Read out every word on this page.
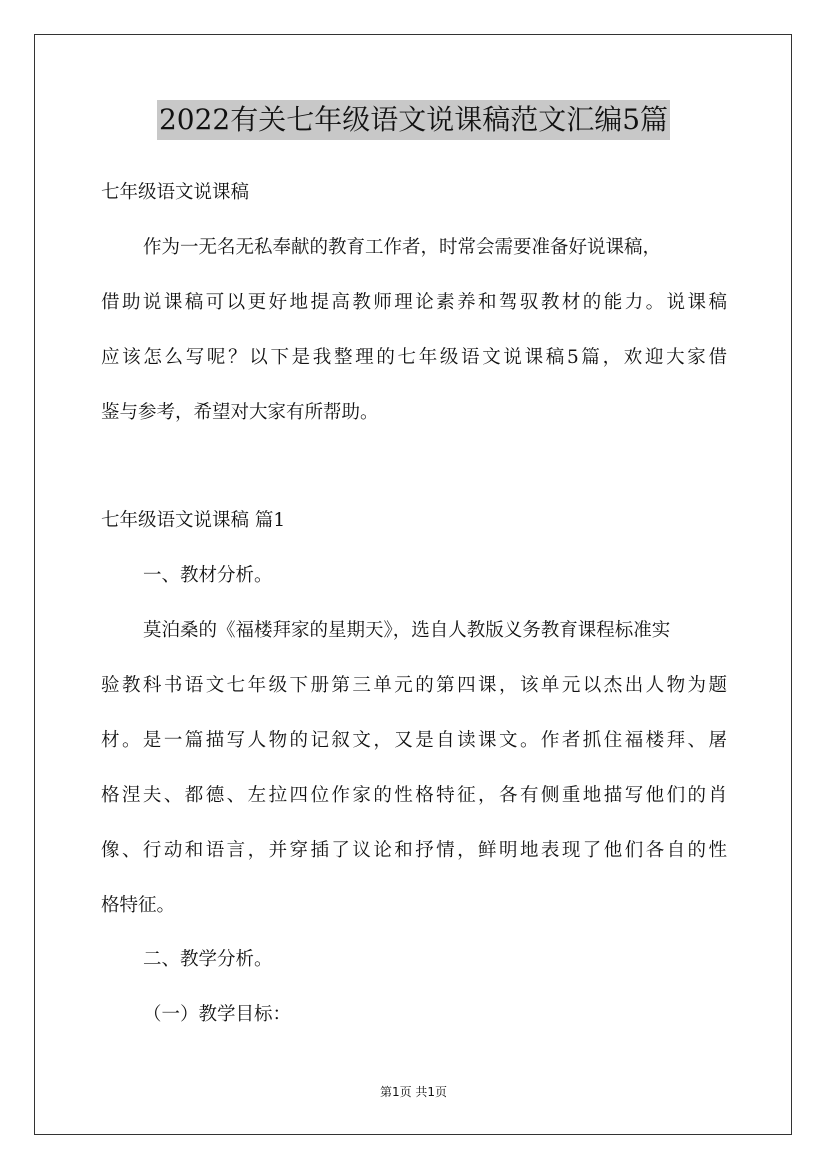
2022有关七年级语文说课稿范文汇编5篇
七年级语文说课稿
作为一无名无私奉献的教育工作者，时常会需要准备好说课稿，
借助说课稿可以更好地提高教师理论素养和驾驭教材的能力。说课稿
应该怎么写呢？以下是我整理的七年级语文说课稿5篇，欢迎大家借
鉴与参考，希望对大家有所帮助。
七年级语文说课稿 篇1
一、教材分析。
莫泊桑的《福楼拜家的星期天》，选自人教版义务教育课程标准实
验教科书语文七年级下册第三单元的第四课，该单元以杰出人物为题
材。是一篇描写人物的记叙文，又是自读课文。作者抓住福楼拜、屠
格涅夫、都德、左拉四位作家的性格特征，各有侧重地描写他们的肖
像、行动和语言，并穿插了议论和抒情，鲜明地表现了他们各自的性
格特征。
二、教学分析。
（一）教学目标：
第1页 共1页
